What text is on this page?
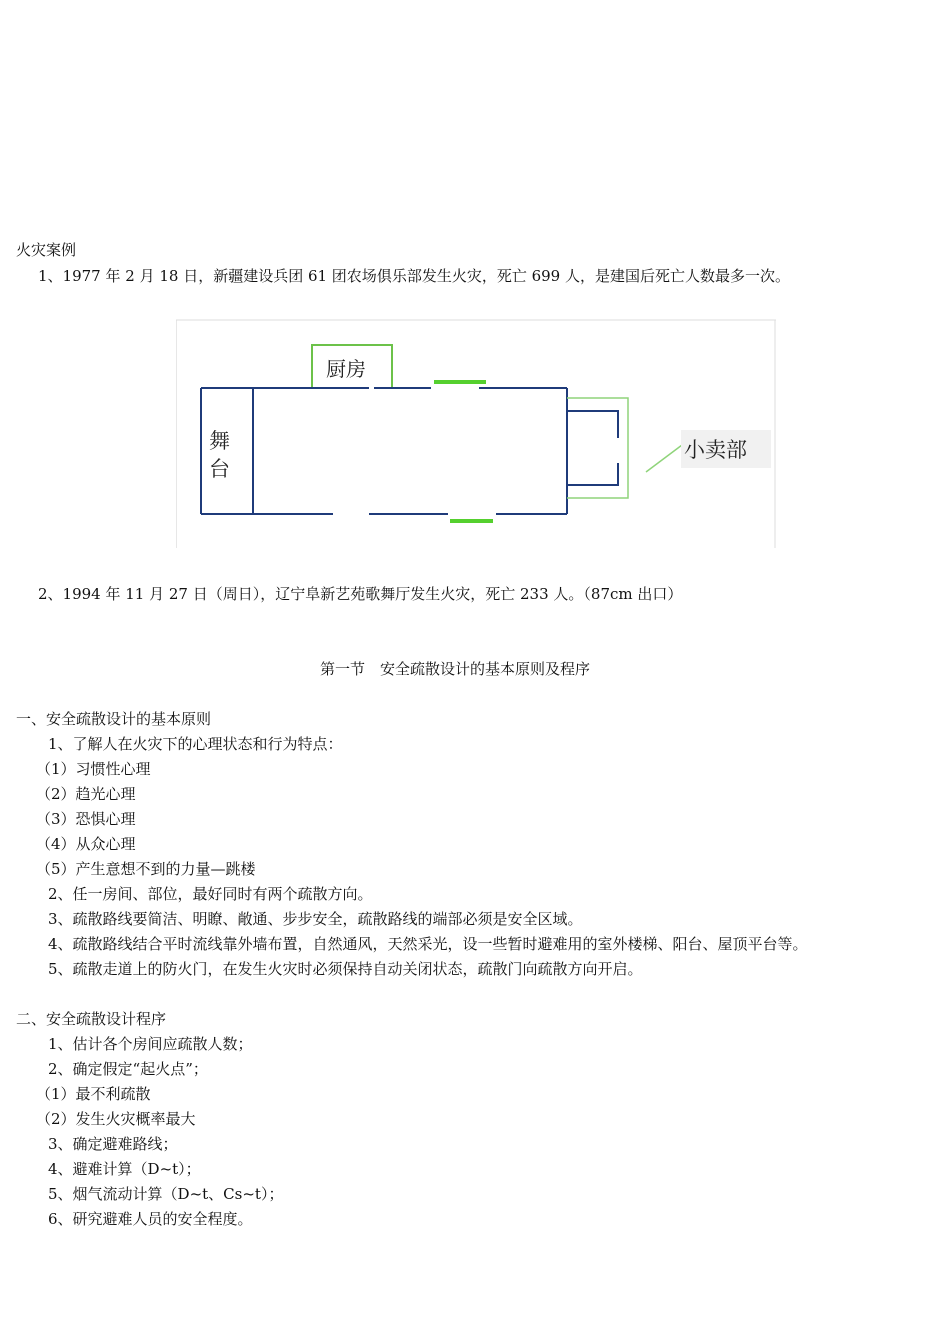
火灾案例
1、1977 年 2 月 18 日，新疆建设兵团 61 团农场俱乐部发生火灾，死亡 699 人，是建国后死亡人数最多一次。
厨房
小卖部
舞
台
2、1994 年 11 月 27 日（周日），辽宁阜新艺苑歌舞厅发生火灾，死亡 233 人。（87cm 出口）
第一节　安全疏散设计的基本原则及程序
一、安全疏散设计的基本原则
1、了解人在火灾下的心理状态和行为特点：
（1）习惯性心理
（2）趋光心理
（3）恐惧心理
（4）从众心理
（5）产生意想不到的力量—跳楼
2、任一房间、部位，最好同时有两个疏散方向。
3、疏散路线要简洁、明瞭、敞通、步步安全，疏散路线的端部必须是安全区域。
4、疏散路线结合平时流线靠外墙布置，自然通风，天然采光，设一些暂时避难用的室外楼梯、阳台、屋顶平台等。
5、疏散走道上的防火门，在发生火灾时必须保持自动关闭状态，疏散门向疏散方向开启。
二、安全疏散设计程序
1、估计各个房间应疏散人数；
2、确定假定“起火点”；
（1）最不利疏散
（2）发生火灾概率最大
3、确定避难路线；
4、避难计算（D~t）；
5、烟气流动计算（D~t、Cs~t）；
6、研究避难人员的安全程度。
